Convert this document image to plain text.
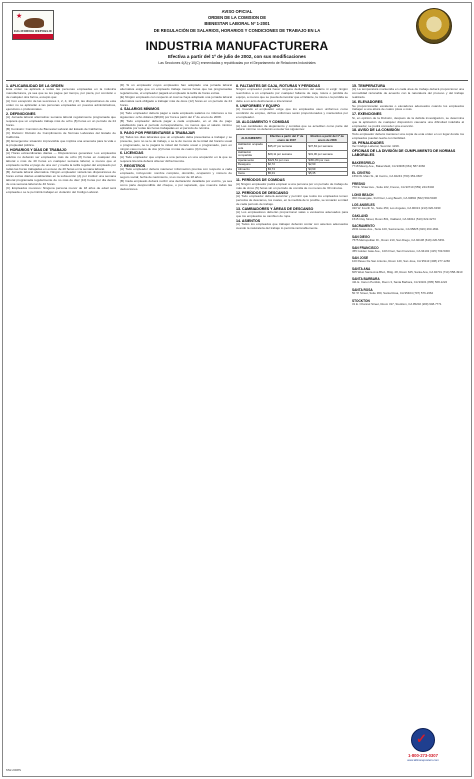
★
CALIFORNIA REPUBLIC
AVISO OFICIAL
ORDEN DE LA COMISION DE
BIENESTAR LABORAL Nº 1-2001
DE REGULACIÓN DE SALARIOS, HORARIOS Y CONDICIONES DE TRABAJO EN LA
INDUSTRIA MANUFACTURERA
Efectiva a partir del 1º de julio de 2002, con sus modificaciones
Las Secciones 4(A) y 10(C) enmendadas y republicadas por el Departamento de Relaciones Industriales
1. APLICABILIDAD DE LA ORDEN
Esta orden se aplicará a todas las personas empleadas en la industria manufacturera, ya sea que se les pague por tiempo, por pieza, por comisión o de cualquier otra forma, excepto que:
(A) Con excepción de las secciones 1, 2, 4, 10 y 20, las disposiciones de esta orden no se aplicarán a las personas empleadas en puestos administrativos, ejecutivos o profesionales.
2. DEFINICIONES
(A) Jornada laboral alternativa: semana laboral regularmente programada que requiera que un empleado trabaje más de ocho (8) horas en un período de 24 horas.
(B) Comisión: Comisión de Bienestar Laboral del Estado de California.
(C) División: División de Cumplimiento de Normas Laborales del Estado de California.
(D) Emergencia: situación imprevisible que implica una amenaza para la vida o la propiedad pública.
3. HORARIOS Y DÍAS DE TRABAJO
(A) Horas extraordinarias diarias — Disposiciones generales: Los empleados adultos no deberán ser empleados más de ocho (8) horas en cualquier día laboral o más de 40 horas en cualquier semana laboral, a menos que el empleado reciba el pago de una vez y media la tarifa regular del empleado por todas las horas trabajadas en exceso de 40 horas en la semana laboral.
(B) Jornada laboral alternativa. Ningún empleador violará las disposiciones de horas extras diarias establecidas en la subsección (A) por instituir una semana laboral programada regularmente de no más de diez (10) horas por día dentro de una semana laboral de 40 horas.
(C) Empleados menores: Ninguna persona menor de 18 años de edad será empleada o se le permitirá trabajar en violación del Código Laboral.
(D) Si un empleador cuyos empleados han adoptado una jornada laboral alternativa exige que un empleado trabaje menos horas que las programadas regularmente, el empleador pagará al empleado la tarifa de horas extras.
(E) Ningún empleado con respecto al cual se haya adoptado una jornada laboral alternativa será obligado a trabajar más de doce (12) horas en un período de 24 horas.
4. SALARIOS MÍNIMOS
(A) Todo empleador deberá pagar a cada empleado salarios no inferiores a los siguientes: ocho dólares ($8,00) por hora a partir del 1º de enero de 2008.
(B) Todo empleador deberá pagar a cada empleado, en el día de pago establecido para el período correspondiente, no menos que el salario mínimo aplicable por todas las horas trabajadas en el período de nómina.
5. PAGO POR PRESENTARSE A TRABAJAR
(A) Todos los días laborales que un empleado deba presentarse a trabajar y se presente, pero no se le dé trabajo, o se le dé menos de la mitad del horario usual o programado, se le pagará la mitad del horario usual o programado, pero en ningún caso menos de dos (2) horas ni más de cuatro (4) horas.
6. LICENCIAS
(A) Todo empleador que emplee a una persona en una ocupación en la que se requiera licencia deberá obtener dicha licencia.
7. REGISTROS
(A) Todo empleador deberá mantener información precisa con respecto a cada empleado, incluyendo: nombre completo, domicilio, ocupación y número de seguro social; fecha de nacimiento, si es menor de 18 años.
(B) Cada empleado deberá recibir una declaración detallada por escrito, ya sea como parte desprendible del cheque, o por separado, que muestre todas las deducciones.
8. FALTANTES DE CAJA, ROTURAS Y PÉRDIDAS
Ningún empleador podrá hacer ninguna deducción del salario ni exigir ningún reembolso a un empleado por cualquier faltante de caja, rotura o pérdida de equipo, a menos que se pueda demostrar que el faltante, la rotura o la pérdida se debe a un acto deshonesto o intencional.
9. UNIFORMES Y EQUIPO
(A) Cuando el empleador exige que los empleados usen uniformes como condición de empleo, dichos uniformes serán proporcionados y mantenidos por el empleador.
10. ALOJAMIENTO Y COMIDAS
(A) Las cantidades de alojamiento y comidas que se acrediten como parte del salario mínimo no deberán exceder las siguientes:
ALOJAMIENTO	Efectivo a partir del 1º de enero de 2007	Efectivo a partir del 1º de enero de 2008
Habitación ocupada sola	$35,27 por semana	$37,63 por semana
Habitación compartida	$29,11 por semana	$31,06 por semana
Apartamento	$423,51 por mes	$451,89 por mes
Desayuno	$2,72	$2,90
Almuerzo	$3,74	$3,99
Cena	$5,01	$5,35
11. PERÍODOS DE COMIDAS
(A) Ningún empleador podrá emplear a una persona por un período de trabajo de más de cinco (5) horas sin un período de comida de no menos de 30 minutos.
12. PERÍODOS DE DESCANSO
(A) Todo empleador deberá autorizar y permitir que todos los empleados tomen períodos de descanso, los cuales, en la medida de lo posible, se tomarán a mitad de cada período de trabajo.
13. CAMBIADORES Y ÁREAS DE DESCANSO
(A) Los empleadores deberán proporcionar salas o vestuarios adecuados para que los empleados se cambien de ropa.
14. ASIENTOS
(A) Todos los empleados que trabajen deberán contar con asientos adecuados cuando la naturaleza del trabajo lo permita razonablemente.
15. TEMPERATURA
(A) La temperatura mantenida en cada área de trabajo deberá proporcionar una comodidad razonable de acuerdo con la naturaleza del proceso y del trabajo realizado.
16. ELEVADORES
Se proporcionarán escaleras o elevadores adecuados cuando los empleados trabajen a una altura de cuatro pisos o más.
17. EXENCIONES
Si, en opinión de la División, después de la debida investigación, se determina que la aplicación de cualquier disposición causaría una dificultad indebida al empleador, se podrá conceder una exención.
18. AVISO DE LA COMISIÓN
Todo empleador deberá mantener una copia de esta orden en un lugar donde los empleados puedan leerla con facilidad.
19. PENALIDADES
Ver Código Laboral, Sección 1199.
OFICINAS DE LA DIVISIÓN DE CUMPLIMIENTO DE NORMAS LABORALES
BAKERSFIELD
7718 Meany Ave., Bakersfield, CA 93308 (661) 587-3060
EL CENTRO
1550 W. Main St., El Centro, CA 92243 (760) 353-0607
FRESNO
770 E. Shaw Ave., Suite 222, Fresno, CA 93710 (559) 244-5340
LONG BEACH
300 Oceangate, 3rd Floor, Long Beach, CA 90802 (562) 590-5048
LOS ANGELES
320 W. Fourth St., Suite 450, Los Angeles, CA 90013 (213) 620-6330
OAKLAND
1515 Clay Street, Room 801, Oakland, CA 94612 (510) 622-3273
SACRAMENTO
2031 Howe Ave., Suite 100, Sacramento, CA 95825 (916) 263-1811
SAN DIEGO
7575 Metropolitan Dr., Room 210, San Diego, CA 92108 (619) 220-5451
SAN FRANCISCO
455 Golden Gate Ave., 10th Floor, San Francisco, CA 94102 (415) 703-5300
SAN JOSE
100 Paseo De San Antonio, Room 120, San Jose, CA 95113 (408) 277-1266
SANTA ANA
605 West Santa Ana Blvd., Bldg. 28, Room 625, Santa Ana, CA 92701 (714) 558-4910
SANTA BARBARA
411 E. Canon Perdido, Room 3, Santa Barbara, CA 93101 (805) 568-1222
SANTA ROSA
50 'D' Street, Suite 360, Santa Rosa, CA 95404 (707) 576-2362
STOCKTON
31 E. Channel Street, Room 317, Stockton, CA 95202 (209) 948-7771
✓
1-800-273-0307
www.allinoneposters.com
MW-2008S
